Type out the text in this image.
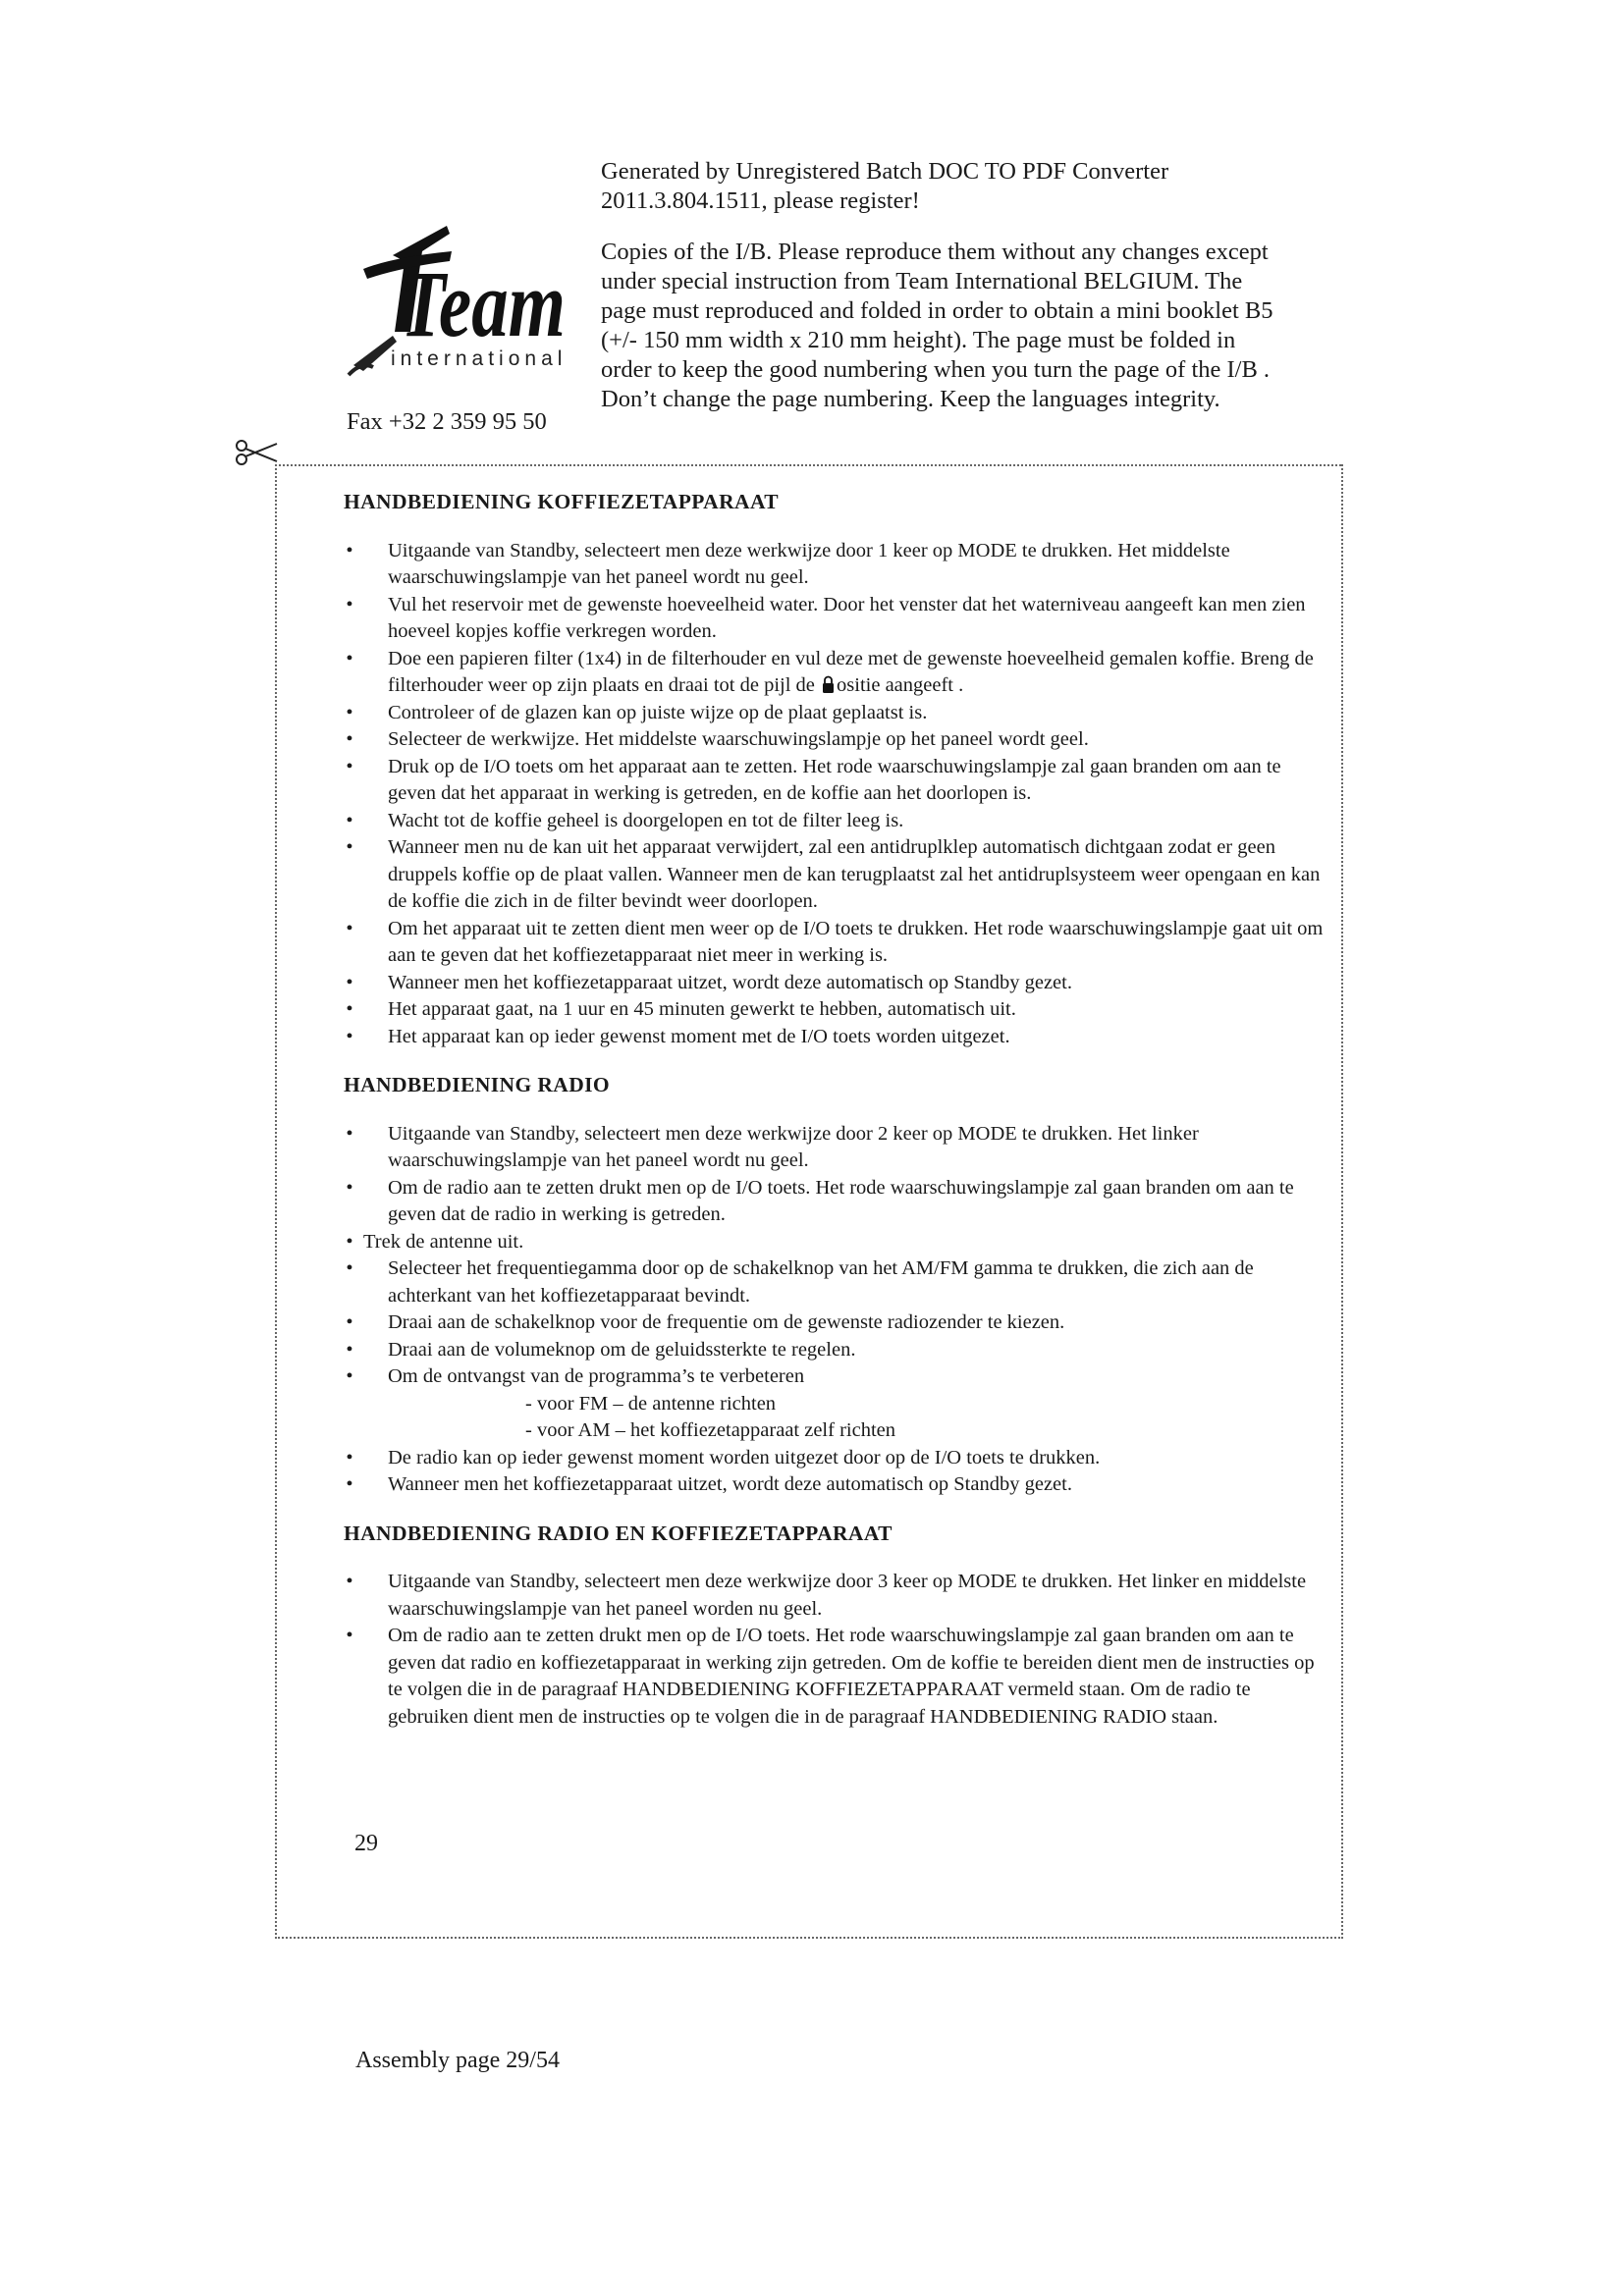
Generated by Unregistered Batch DOC TO PDF Converter 2011.3.804.1511, please register!

Copies of the I/B. Please reproduce them without any changes except under special instruction from Team International BELGIUM. The page must reproduced and folded in order to obtain a mini booklet B5 (+/- 150 mm width x 210 mm height). The page must be folded in order to keep the good numbering when you turn the page of the I/B . Don’t change the page numbering. Keep the languages integrity.

Team
international

Fax +32 2 359 95 50

HANDBEDIENING KOFFIEZETAPPARAAT
• Uitgaande van Standby, selecteert men deze werkwijze door 1 keer op MODE te drukken. Het middelste waarschuwingslampje van het paneel wordt nu geel.
• Vul het reservoir met de gewenste hoeveelheid water. Door het venster dat het waterniveau aangeeft kan men zien hoeveel kopjes koffie verkregen worden.
• Doe een papieren filter (1x4) in de filterhouder en vul deze met de gewenste hoeveelheid gemalen koffie. Breng de filterhouder weer op zijn plaats en draai tot de pijl de ositie aangeeft .
• Controleer of de glazen kan op juiste wijze op de plaat geplaatst is.
• Selecteer de werkwijze. Het middelste waarschuwingslampje op het paneel wordt geel.
• Druk op de I/O toets om het apparaat aan te zetten. Het rode waarschuwingslampje zal gaan branden om aan te geven dat het apparaat in werking is getreden, en de koffie aan het doorlopen is.
• Wacht tot de koffie geheel is doorgelopen en tot de filter leeg is.
• Wanneer men nu de kan uit het apparaat verwijdert, zal een antidruplklep automatisch dichtgaan zodat er geen druppels koffie op de plaat vallen. Wanneer men de kan terugplaatst zal het antidruplsysteem weer opengaan en kan de koffie die zich in de filter bevindt weer doorlopen.
• Om het apparaat uit te zetten dient men weer op de I/O toets te drukken. Het rode waarschuwingslampje gaat uit om aan te geven dat het koffiezetapparaat niet meer in werking is.
• Wanneer men het koffiezetapparaat uitzet, wordt deze automatisch op Standby gezet.
• Het apparaat gaat, na 1 uur en 45 minuten gewerkt te hebben, automatisch uit.
• Het apparaat kan op ieder gewenst moment met de I/O toets worden uitgezet.
HANDBEDIENING RADIO
• Uitgaande van Standby, selecteert men deze werkwijze door 2 keer op MODE te drukken. Het linker waarschuwingslampje van het paneel wordt nu geel.
• Om de radio aan te zetten drukt men op de I/O toets. Het rode waarschuwingslampje zal gaan branden om aan te geven dat de radio in werking is getreden.
• Trek de antenne uit.
• Selecteer het frequentiegamma door op de schakelknop van het AM/FM gamma te drukken, die zich aan de achterkant van het koffiezetapparaat bevindt.
• Draai aan de schakelknop voor de frequentie om de gewenste radiozender te kiezen.
• Draai aan de volumeknop om de geluidssterkte te regelen.
• Om de ontvangst van de programma’s te verbeteren
- voor FM – de antenne richten
- voor AM – het koffiezetapparaat zelf richten
• De radio kan op ieder gewenst moment worden uitgezet door op de I/O toets te drukken.
• Wanneer men het koffiezetapparaat uitzet, wordt deze automatisch op Standby gezet.
HANDBEDIENING RADIO EN KOFFIEZETAPPARAAT
• Uitgaande van Standby, selecteert men deze werkwijze door 3 keer op MODE te drukken. Het linker en middelste waarschuwingslampje van het paneel worden nu geel.
• Om de radio aan te zetten drukt men op de I/O toets. Het rode waarschuwingslampje zal gaan branden om aan te geven dat radio en koffiezetapparaat in werking zijn getreden. Om de koffie te bereiden dient men de instructies op te volgen die in de paragraaf HANDBEDIENING KOFFIEZETAPPARAAT vermeld staan. Om de radio te gebruiken dient men de instructies op te volgen die in de paragraaf HANDBEDIENING RADIO staan.

29

Assembly page 29/54
